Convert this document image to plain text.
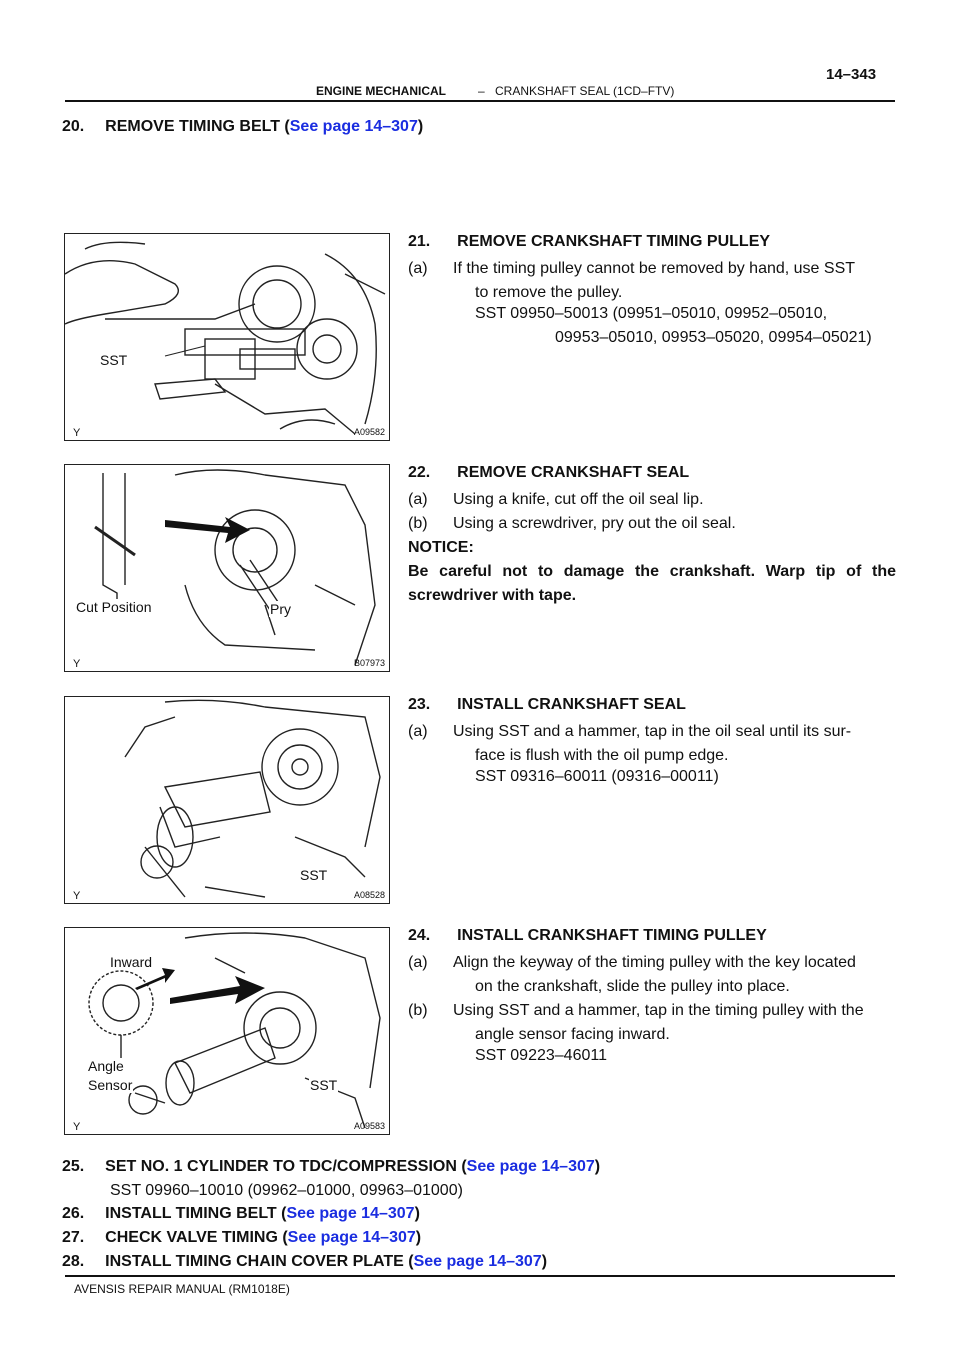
ENGINE MECHANICAL	– CRANKSHAFT SEAL (1CD–FTV)
14–343
20. REMOVE TIMING BELT (See page 14–307)
SST
Y	A09582
21. REMOVE CRANKSHAFT TIMING PULLEY
(a) If the timing pulley cannot be removed by hand, use SST
to remove the pulley.
SST 09950–50013 (09951–05010, 09952–05010,
09953–05010, 09953–05020, 09954–05021)
Cut Position	Pry
Y	B07973
22. REMOVE CRANKSHAFT SEAL
(a) Using a knife, cut off the oil seal lip.
(b) Using a screwdriver, pry out the oil seal.
NOTICE:
Be careful not to damage the crankshaft. Warp tip of the screwdriver with tape.
SST
Y	A08528
23. INSTALL CRANKSHAFT SEAL
(a) Using SST and a hammer, tap in the oil seal until its sur-
face is flush with the oil pump edge.
SST 09316–60011 (09316–00011)
Inward
Angle
Sensor	SST
Y	A09583
24. INSTALL CRANKSHAFT TIMING PULLEY
(a) Align the keyway of the timing pulley with the key located
on the crankshaft, slide the pulley into place.
(b) Using SST and a hammer, tap in the timing pulley with the
angle sensor facing inward.
SST 09223–46011
25. SET NO. 1 CYLINDER TO TDC/COMPRESSION (See page 14–307)
SST 09960–10010 (09962–01000, 09963–01000)
26. INSTALL TIMING BELT (See page 14–307)
27. CHECK VALVE TIMING (See page 14–307)
28. INSTALL TIMING CHAIN COVER PLATE (See page 14–307)
AVENSIS REPAIR MANUAL (RM1018E)
